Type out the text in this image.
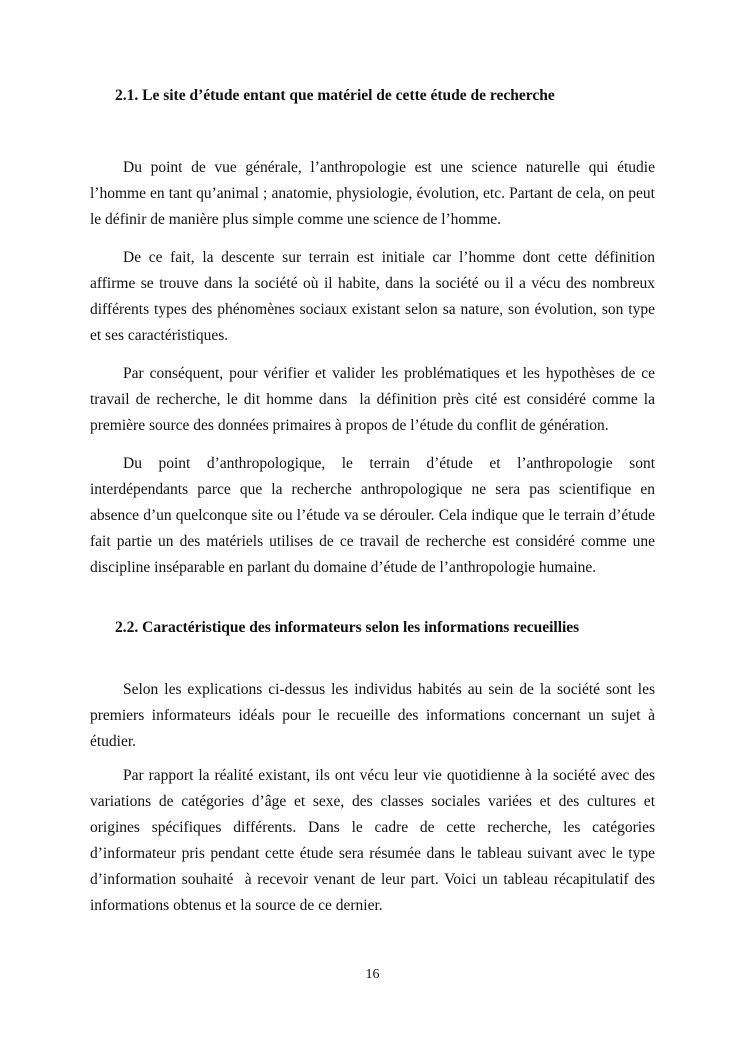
2.1. Le site d’étude entant que matériel de cette étude de recherche

Du point de vue générale, l’anthropologie est une science naturelle qui étudie l’homme en tant qu’animal ; anatomie, physiologie, évolution, etc. Partant de cela, on peut le définir de manière plus simple comme une science de l’homme.

De ce fait, la descente sur terrain est initiale car l’homme dont cette définition affirme se trouve dans la société où il habite, dans la société ou il a vécu des nombreux différents types des phénomènes sociaux existant selon sa nature, son évolution, son type et ses caractéristiques.

Par conséquent, pour vérifier et valider les problématiques et les hypothèses de ce travail de recherche, le dit homme dans  la définition près cité est considéré comme la première source des données primaires à propos de l’étude du conflit de génération.

Du point d’anthropologique, le terrain d’étude et l’anthropologie sont interdépendants parce que la recherche anthropologique ne sera pas scientifique en absence d’un quelconque site ou l’étude va se dérouler. Cela indique que le terrain d’étude fait partie un des matériels utilises de ce travail de recherche est considéré comme une discipline inséparable en parlant du domaine d’étude de l’anthropologie humaine.

2.2. Caractéristique des informateurs selon les informations recueillies

Selon les explications ci-dessus les individus habités au sein de la société sont les premiers informateurs idéals pour le recueille des informations concernant un sujet à étudier.

Par rapport la réalité existant, ils ont vécu leur vie quotidienne à la société avec des variations de catégories d’âge et sexe, des classes sociales variées et des cultures et origines spécifiques différents. Dans le cadre de cette recherche, les catégories d’informateur pris pendant cette étude sera résumée dans le tableau suivant avec le type d’information souhaité  à recevoir venant de leur part. Voici un tableau récapitulatif des informations obtenus et la source de ce dernier.

16
